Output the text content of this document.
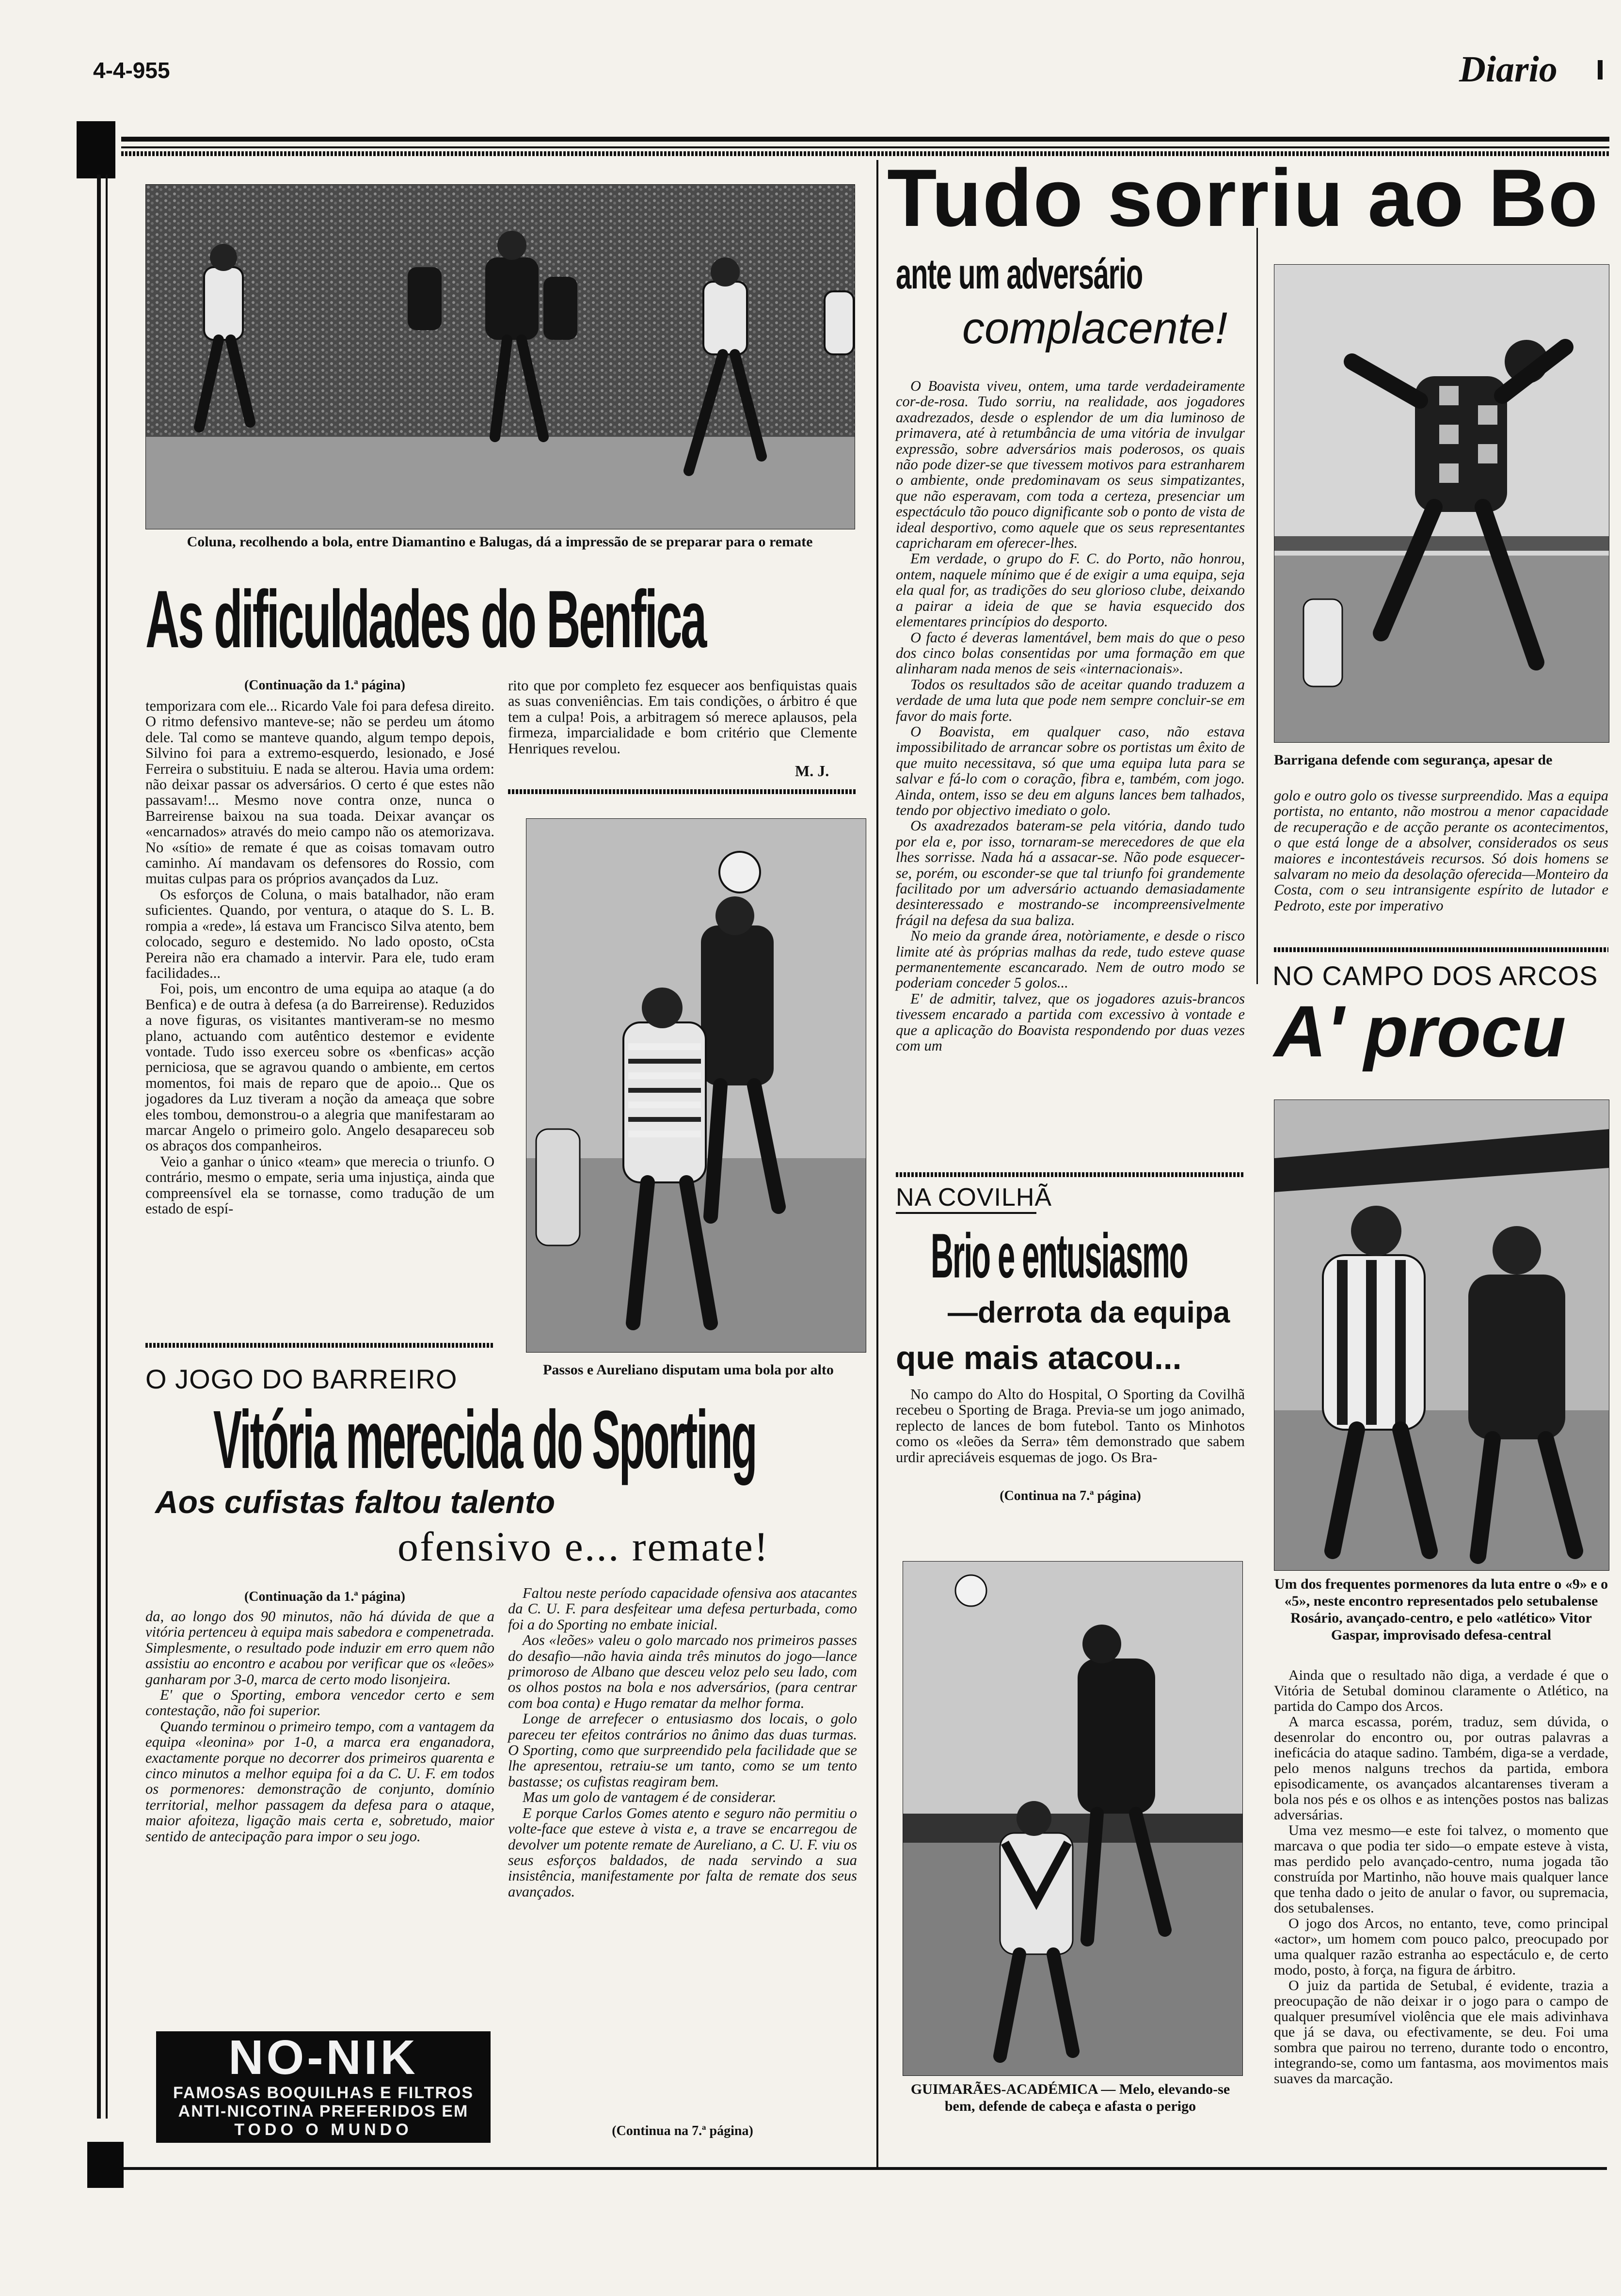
4-4-955	Diario

Coluna, recolhendo a bola, entre Diamantino e Balugas, dá a impressão de se preparar para o remate

As dificuldades do Benfica
(Continuação da 1.ª página)

temporizara com ele... Ricardo Vale foi para defesa direito. O ritmo defensivo manteve-se; não se perdeu um átomo dele. Tal como se manteve quando, algum tempo depois, Silvino foi para a extremo-esquerdo, lesionado, e José Ferreira o substituiu. E nada se alterou. Havia uma ordem: não deixar passar os adversários. O certo é que estes não passavam!... Mesmo nove contra onze, nunca o Barreirense baixou na sua toada. Deixar avançar os «encarnados» através do meio campo não os atemorizava. No «sítio» de remate é que as coisas tomavam outro caminho. Aí mandavam os defensores do Rossio, com muitas culpas para os próprios avançados da Luz.

Os esforços de Coluna, o mais batalhador, não eram suficientes. Quando, por ventura, o ataque do S. L. B. rompia a «rede», lá estava um Francisco Silva atento, bem colocado, seguro e destemido. No lado oposto, oCsta Pereira não era chamado a intervir. Para ele, tudo eram facilidades...

Foi, pois, um encontro de uma equipa ao ataque (a do Benfica) e de outra à defesa (a do Barreirense). Reduzidos a nove figuras, os visitantes mantiveram-se no mesmo plano, actuando com autêntico destemor e evidente vontade. Tudo isso exerceu sobre os «benficas» acção perniciosa, que se agravou quando o ambiente, em certos momentos, foi mais de reparo que de apoio... Que os jogadores da Luz tiveram a noção da ameaça que sobre eles tombou, demonstrou-o a alegria que manifestaram ao marcar Angelo o primeiro golo. Angelo desapareceu sob os abraços dos companheiros.

Veio a ganhar o único «team» que merecia o triunfo. O contrário, mesmo o empate, seria uma injustiça, ainda que compreensível ela se tornasse, como tradução de um estado de espí-

rito que por completo fez esquecer aos benfiquistas quais as suas conveniências. Em tais condições, o árbitro é que tem a culpa! Pois, a arbitragem só merece aplausos, pela firmeza, imparcialidade e bom critério que Clemente Henriques revelou.

M. J.

Passos e Aureliano disputam uma bola por alto

O JOGO DO BARREIRO
Vitória merecida do Sporting
Aos cufistas faltou talento
ofensivo e... remate!
(Continuação da 1.ª página)

da, ao longo dos 90 minutos, não há dúvida de que a vitória pertenceu à equipa mais sabedora e compenetrada. Simplesmente, o resultado pode induzir em erro quem não assistiu ao encontro e acabou por verificar que os «leões» ganharam por 3-0, marca de certo modo lisonjeira.

E' que o Sporting, embora vencedor certo e sem contestação, não foi superior.

Quando terminou o primeiro tempo, com a vantagem da equipa «leonina» por 1-0, a marca era enganadora, exactamente porque no decorrer dos primeiros quarenta e cinco minutos a melhor equipa foi a da C. U. F. em todos os pormenores: demonstração de conjunto, domínio territorial, melhor passagem da defesa para o ataque, maior afoiteza, ligação mais certa e, sobretudo, maior sentido de antecipação para impor o seu jogo.

Faltou neste período capacidade ofensiva aos atacantes da C. U. F. para desfeitear uma defesa perturbada, como foi a do Sporting no embate inicial.

Aos «leões» valeu o golo marcado nos primeiros passes do desafio—não havia ainda três minutos do jogo—lance primoroso de Albano que desceu veloz pelo seu lado, com os olhos postos na bola e nos adversários, (para centrar com boa conta) e Hugo rematar da melhor forma.

Longe de arrefecer o entusiasmo dos locais, o golo pareceu ter efeitos contrários no ânimo das duas turmas. O Sporting, como que surpreendido pela facilidade que se lhe apresentou, retraiu-se um tanto, como se um tento bastasse; os cufistas reagiram bem.

Mas um golo de vantagem é de considerar.

E porque Carlos Gomes atento e seguro não permitiu o volte-face que esteve à vista e, a trave se encarregou de devolver um potente remate de Aureliano, a C. U. F. viu os seus esforços baldados, de nada servindo a sua insistência, manifestamente por falta de remate dos seus avançados.

(Continua na 7.ª página)
NO-NIK
FAMOSAS BOQUILHAS E FILTROS
ANTI-NICOTINA PREFERIDOS EM
TODO O MUNDO
Tudo sorriu ao Bo
ante um adversário
complacente!

O Boavista viveu, ontem, uma tarde verdadeiramente cor-de-rosa. Tudo sorriu, na realidade, aos jogadores axadrezados, desde o esplendor de um dia luminoso de primavera, até à retumbância de uma vitória de invulgar expressão, sobre adversários mais poderosos, os quais não pode dizer-se que tivessem motivos para estranharem o ambiente, onde predominavam os seus simpatizantes, que não esperavam, com toda a certeza, presenciar um espectáculo tão pouco dignificante sob o ponto de vista de ideal desportivo, como aquele que os seus representantes capricharam em oferecer-lhes.

Em verdade, o grupo do F. C. do Porto, não honrou, ontem, naquele mínimo que é de exigir a uma equipa, seja ela qual for, as tradições do seu glorioso clube, deixando a pairar a ideia de que se havia esquecido dos elementares princípios do desporto.

O facto é deveras lamentável, bem mais do que o peso dos cinco bolas consentidas por uma formação em que alinharam nada menos de seis «internacionais».

Todos os resultados são de aceitar quando traduzem a verdade de uma luta que pode nem sempre concluir-se em favor do mais forte.

O Boavista, em qualquer caso, não estava impossibilitado de arrancar sobre os portistas um êxito de que muito necessitava, só que uma equipa luta para se salvar e fá-lo com o coração, fibra e, também, com jogo. Ainda, ontem, isso se deu em alguns lances bem talhados, tendo por objectivo imediato o golo.

Os axadrezados bateram-se pela vitória, dando tudo por ela e, por isso, tornaram-se merecedores de que ela lhes sorrisse. Nada há a assacar-se. Não pode esquecer-se, porém, ou esconder-se que tal triunfo foi grandemente facilitado por um adversário actuando demasiadamente desinteressado e mostrando-se incompreensivelmente frágil na defesa da sua baliza.

No meio da grande área, notòriamente, e desde o risco limite até às próprias malhas da rede, tudo esteve quase permanentemente escancarado. Nem de outro modo se poderiam conceder 5 golos...

E' de admitir, talvez, que os jogadores azuis-brancos tivessem encarado a partida com excessivo à vontade e que a aplicação do Boavista respondendo por duas vezes com um

Barrigana defende com segurança, apesar de

golo e outro golo os tivesse surpreendido. Mas a equipa portista, no entanto, não mostrou a menor capacidade de recuperação e de acção perante os acontecimentos, o que está longe de a absolver, considerados os seus maiores e incontestáveis recursos. Só dois homens se salvaram no meio da desolação oferecida—Monteiro da Costa, com o seu intransigente espírito de lutador e Pedroto, este por imperativo

NA COVILHÃ
Brio e entusiasmo
—derrota da equipa
que mais atacou...

No campo do Alto do Hospital, O Sporting da Covilhã recebeu o Sporting de Braga. Previa-se um jogo animado, replecto de lances de bom futebol. Tanto os Minhotos como os «leões da Serra» têm demonstrado que sabem urdir apreciáveis esquemas de jogo. Os Bra-

(Continua na 7.ª página)

GUIMARÃES-ACADÉMICA — Melo, elevando-se bem, defende de cabeça e afasta o perigo

NO CAMPO DOS ARCOS
A' procu

Um dos frequentes pormenores da luta entre o «9» e o «5», neste encontro representados pelo setubalense Rosário, avançado-centro, e pelo «atlético» Vitor Gaspar, improvisado defesa-central

Ainda que o resultado não diga, a verdade é que o Vitória de Setubal dominou claramente o Atlético, na partida do Campo dos Arcos.

A marca escassa, porém, traduz, sem dúvida, o desenrolar do encontro ou, por outras palavras a ineficácia do ataque sadino. Também, diga-se a verdade, pelo menos nalguns trechos da partida, embora episodicamente, os avançados alcantarenses tiveram a bola nos pés e os olhos e as intenções postos nas balizas adversárias.

Uma vez mesmo—e este foi talvez, o momento que marcava o que podia ter sido—o empate esteve à vista, mas perdido pelo avançado-centro, numa jogada tão construída por Martinho, não houve mais qualquer lance que tenha dado o jeito de anular o favor, ou supremacia, dos setubalenses.

O jogo dos Arcos, no entanto, teve, como principal «actor», um homem com pouco palco, preocupado por uma qualquer razão estranha ao espectáculo e, de certo modo, posto, à força, na figura de árbitro.

O juiz da partida de Setubal, é evidente, trazia a preocupação de não deixar ir o jogo para o campo de qualquer presumível violência que ele mais adivinhava que já se dava, ou efectivamente, se deu. Foi uma sombra que pairou no terreno, durante todo o encontro, integrando-se, como um fantasma, aos movimentos mais suaves da marcação.
